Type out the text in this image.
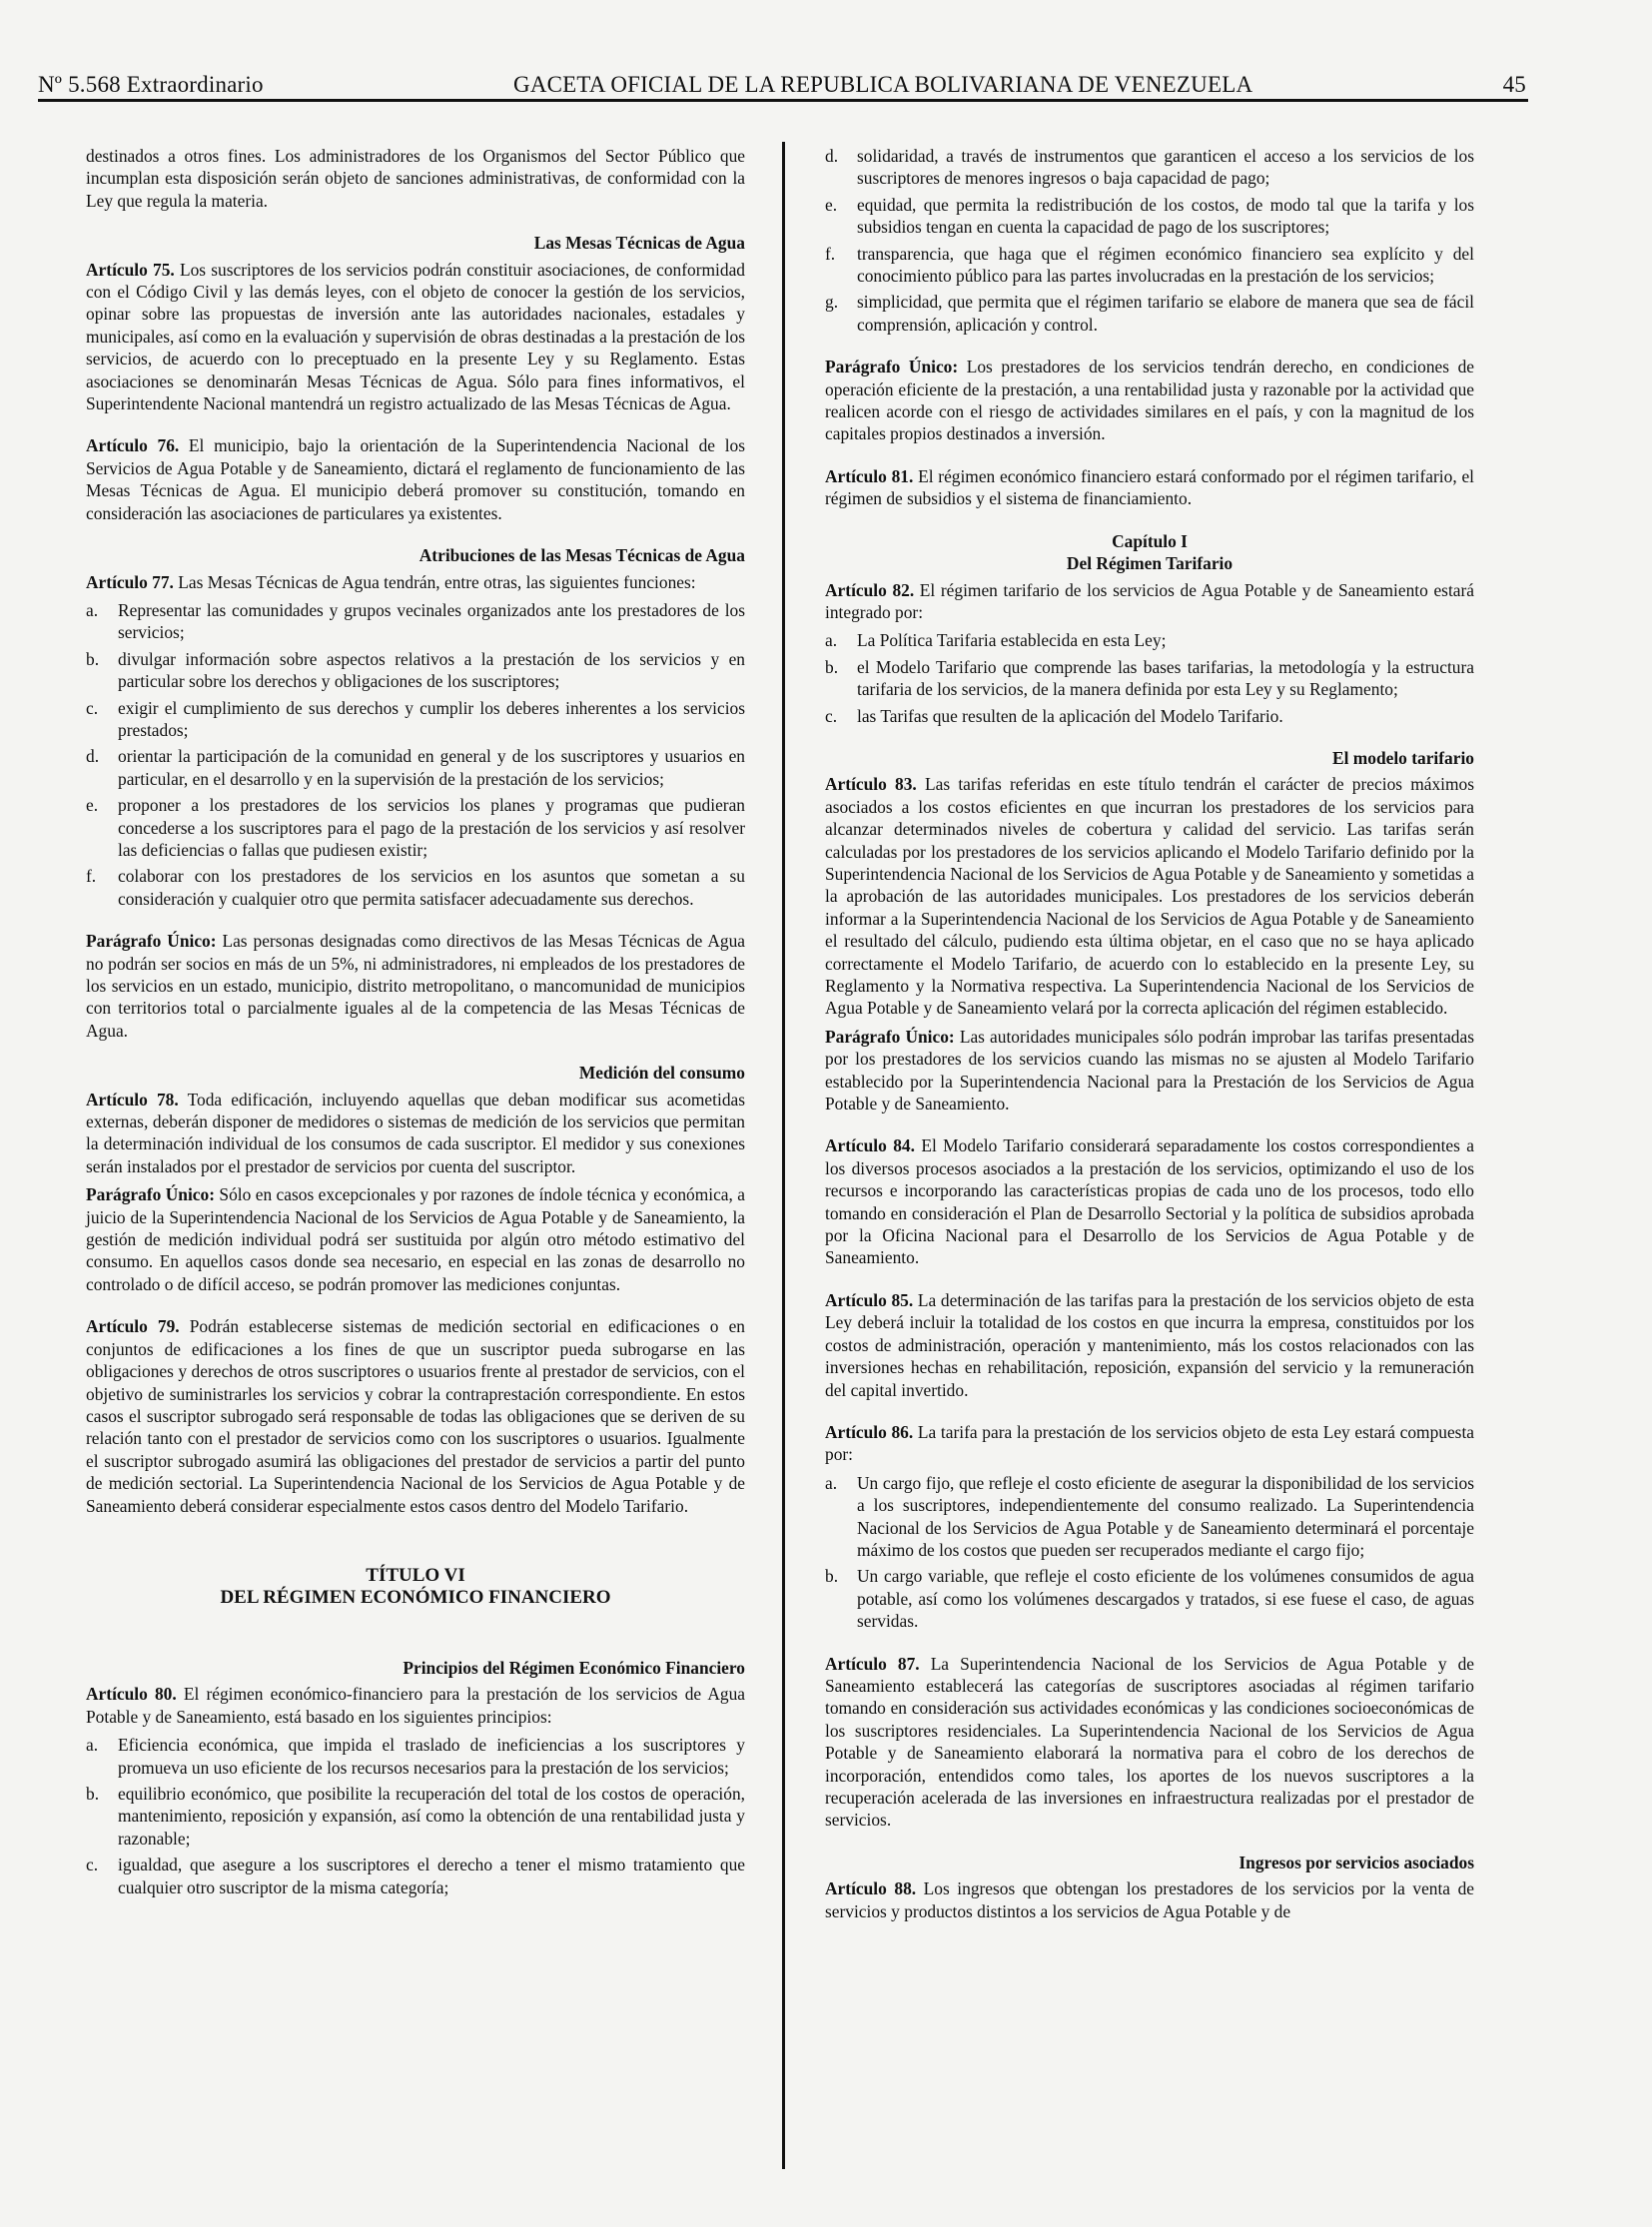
Nº 5.568 Extraordinario	GACETA OFICIAL DE LA REPUBLICA BOLIVARIANA DE VENEZUELA	45

destinados a otros fines. Los administradores de los Organismos del Sector Público que incumplan esta disposición serán objeto de sanciones administrativas, de conformidad con la Ley que regula la materia.

Las Mesas Técnicas de Agua

Artículo 75. Los suscriptores de los servicios podrán constituir asociaciones, de conformidad con el Código Civil y las demás leyes, con el objeto de conocer la gestión de los servicios, opinar sobre las propuestas de inversión ante las autoridades nacionales, estadales y municipales, así como en la evaluación y supervisión de obras destinadas a la prestación de los servicios, de acuerdo con lo preceptuado en la presente Ley y su Reglamento. Estas asociaciones se denominarán Mesas Técnicas de Agua. Sólo para fines informativos, el Superintendente Nacional mantendrá un registro actualizado de las Mesas Técnicas de Agua.

Artículo 76. El municipio, bajo la orientación de la Superintendencia Nacional de los Servicios de Agua Potable y de Saneamiento, dictará el reglamento de funcionamiento de las Mesas Técnicas de Agua. El municipio deberá promover su constitución, tomando en consideración las asociaciones de particulares ya existentes.

Atribuciones de las Mesas Técnicas de Agua

Artículo 77. Las Mesas Técnicas de Agua tendrán, entre otras, las siguientes funciones:

a.	Representar las comunidades y grupos vecinales organizados ante los prestadores de los servicios;
b.	divulgar información sobre aspectos relativos a la prestación de los servicios y en particular sobre los derechos y obligaciones de los suscriptores;
c.	exigir el cumplimiento de sus derechos y cumplir los deberes inherentes a los servicios prestados;
d.	orientar la participación de la comunidad en general y de los suscriptores y usuarios en particular, en el desarrollo y en la supervisión de la prestación de los servicios;
e.	proponer a los prestadores de los servicios los planes y programas que pudieran concederse a los suscriptores para el pago de la prestación de los servicios y así resolver las deficiencias o fallas que pudiesen existir;
f.	colaborar con los prestadores de los servicios en los asuntos que sometan a su consideración y cualquier otro que permita satisfacer adecuadamente sus derechos.

Parágrafo Único: Las personas designadas como directivos de las Mesas Técnicas de Agua no podrán ser socios en más de un 5%, ni administradores, ni empleados de los prestadores de los servicios en un estado, municipio, distrito metropolitano, o mancomunidad de municipios con territorios total o parcialmente iguales al de la competencia de las Mesas Técnicas de Agua.

Medición del consumo

Artículo 78. Toda edificación, incluyendo aquellas que deban modificar sus acometidas externas, deberán disponer de medidores o sistemas de medición de los servicios que permitan la determinación individual de los consumos de cada suscriptor. El medidor y sus conexiones serán instalados por el prestador de servicios por cuenta del suscriptor.

Parágrafo Único: Sólo en casos excepcionales y por razones de índole técnica y económica, a juicio de la Superintendencia Nacional de los Servicios de Agua Potable y de Saneamiento, la gestión de medición individual podrá ser sustituida por algún otro método estimativo del consumo. En aquellos casos donde sea necesario, en especial en las zonas de desarrollo no controlado o de difícil acceso, se podrán promover las mediciones conjuntas.

Artículo 79. Podrán establecerse sistemas de medición sectorial en edificaciones o en conjuntos de edificaciones a los fines de que un suscriptor pueda subrogarse en las obligaciones y derechos de otros suscriptores o usuarios frente al prestador de servicios, con el objetivo de suministrarles los servicios y cobrar la contraprestación correspondiente. En estos casos el suscriptor subrogado será responsable de todas las obligaciones que se deriven de su relación tanto con el prestador de servicios como con los suscriptores o usuarios. Igualmente el suscriptor subrogado asumirá las obligaciones del prestador de servicios a partir del punto de medición sectorial. La Superintendencia Nacional de los Servicios de Agua Potable y de Saneamiento deberá considerar especialmente estos casos dentro del Modelo Tarifario.

TÍTULO VI
DEL RÉGIMEN ECONÓMICO FINANCIERO
Principios del Régimen Económico Financiero

Artículo 80. El régimen económico-financiero para la prestación de los servicios de Agua Potable y de Saneamiento, está basado en los siguientes principios:

a.	Eficiencia económica, que impida el traslado de ineficiencias a los suscriptores y promueva un uso eficiente de los recursos necesarios para la prestación de los servicios;
b.	equilibrio económico, que posibilite la recuperación del total de los costos de operación, mantenimiento, reposición y expansión, así como la obtención de una rentabilidad justa y razonable;
c.	igualdad, que asegure a los suscriptores el derecho a tener el mismo tratamiento que cualquier otro suscriptor de la misma categoría;
d.	solidaridad, a través de instrumentos que garanticen el acceso a los servicios de los suscriptores de menores ingresos o baja capacidad de pago;
e.	equidad, que permita la redistribución de los costos, de modo tal que la tarifa y los subsidios tengan en cuenta la capacidad de pago de los suscriptores;
f.	transparencia, que haga que el régimen económico financiero sea explícito y del conocimiento público para las partes involucradas en la prestación de los servicios;
g.	simplicidad, que permita que el régimen tarifario se elabore de manera que sea de fácil comprensión, aplicación y control.

Parágrafo Único: Los prestadores de los servicios tendrán derecho, en condiciones de operación eficiente de la prestación, a una rentabilidad justa y razonable por la actividad que realicen acorde con el riesgo de actividades similares en el país, y con la magnitud de los capitales propios destinados a inversión.

Artículo 81. El régimen económico financiero estará conformado por el régimen tarifario, el régimen de subsidios y el sistema de financiamiento.

Capítulo I
Del Régimen Tarifario

Artículo 82. El régimen tarifario de los servicios de Agua Potable y de Saneamiento estará integrado por:

a.	La Política Tarifaria establecida en esta Ley;
b.	el Modelo Tarifario que comprende las bases tarifarias, la metodología y la estructura tarifaria de los servicios, de la manera definida por esta Ley y su Reglamento;
c.	las Tarifas que resulten de la aplicación del Modelo Tarifario.
El modelo tarifario

Artículo 83. Las tarifas referidas en este título tendrán el carácter de precios máximos asociados a los costos eficientes en que incurran los prestadores de los servicios para alcanzar determinados niveles de cobertura y calidad del servicio. Las tarifas serán calculadas por los prestadores de los servicios aplicando el Modelo Tarifario definido por la Superintendencia Nacional de los Servicios de Agua Potable y de Saneamiento y sometidas a la aprobación de las autoridades municipales. Los prestadores de los servicios deberán informar a la Superintendencia Nacional de los Servicios de Agua Potable y de Saneamiento el resultado del cálculo, pudiendo esta última objetar, en el caso que no se haya aplicado correctamente el Modelo Tarifario, de acuerdo con lo establecido en la presente Ley, su Reglamento y la Normativa respectiva. La Superintendencia Nacional de los Servicios de Agua Potable y de Saneamiento velará por la correcta aplicación del régimen establecido.

Parágrafo Único: Las autoridades municipales sólo podrán improbar las tarifas presentadas por los prestadores de los servicios cuando las mismas no se ajusten al Modelo Tarifario establecido por la Superintendencia Nacional para la Prestación de los Servicios de Agua Potable y de Saneamiento.

Artículo 84. El Modelo Tarifario considerará separadamente los costos correspondientes a los diversos procesos asociados a la prestación de los servicios, optimizando el uso de los recursos e incorporando las características propias de cada uno de los procesos, todo ello tomando en consideración el Plan de Desarrollo Sectorial y la política de subsidios aprobada por la Oficina Nacional para el Desarrollo de los Servicios de Agua Potable y de Saneamiento.

Artículo 85. La determinación de las tarifas para la prestación de los servicios objeto de esta Ley deberá incluir la totalidad de los costos en que incurra la empresa, constituidos por los costos de administración, operación y mantenimiento, más los costos relacionados con las inversiones hechas en rehabilitación, reposición, expansión del servicio y la remuneración del capital invertido.

Artículo 86. La tarifa para la prestación de los servicios objeto de esta Ley estará compuesta por:

a.	Un cargo fijo, que refleje el costo eficiente de asegurar la disponibilidad de los servicios a los suscriptores, independientemente del consumo realizado. La Superintendencia Nacional de los Servicios de Agua Potable y de Saneamiento determinará el porcentaje máximo de los costos que pueden ser recuperados mediante el cargo fijo;
b.	Un cargo variable, que refleje el costo eficiente de los volúmenes consumidos de agua potable, así como los volúmenes descargados y tratados, si ese fuese el caso, de aguas servidas.

Artículo 87. La Superintendencia Nacional de los Servicios de Agua Potable y de Saneamiento establecerá las categorías de suscriptores asociadas al régimen tarifario tomando en consideración sus actividades económicas y las condiciones socioeconómicas de los suscriptores residenciales. La Superintendencia Nacional de los Servicios de Agua Potable y de Saneamiento elaborará la normativa para el cobro de los derechos de incorporación, entendidos como tales, los aportes de los nuevos suscriptores a la recuperación acelerada de las inversiones en infraestructura realizadas por el prestador de servicios.

Ingresos por servicios asociados

Artículo 88. Los ingresos que obtengan los prestadores de los servicios por la venta de servicios y productos distintos a los servicios de Agua Potable y de
